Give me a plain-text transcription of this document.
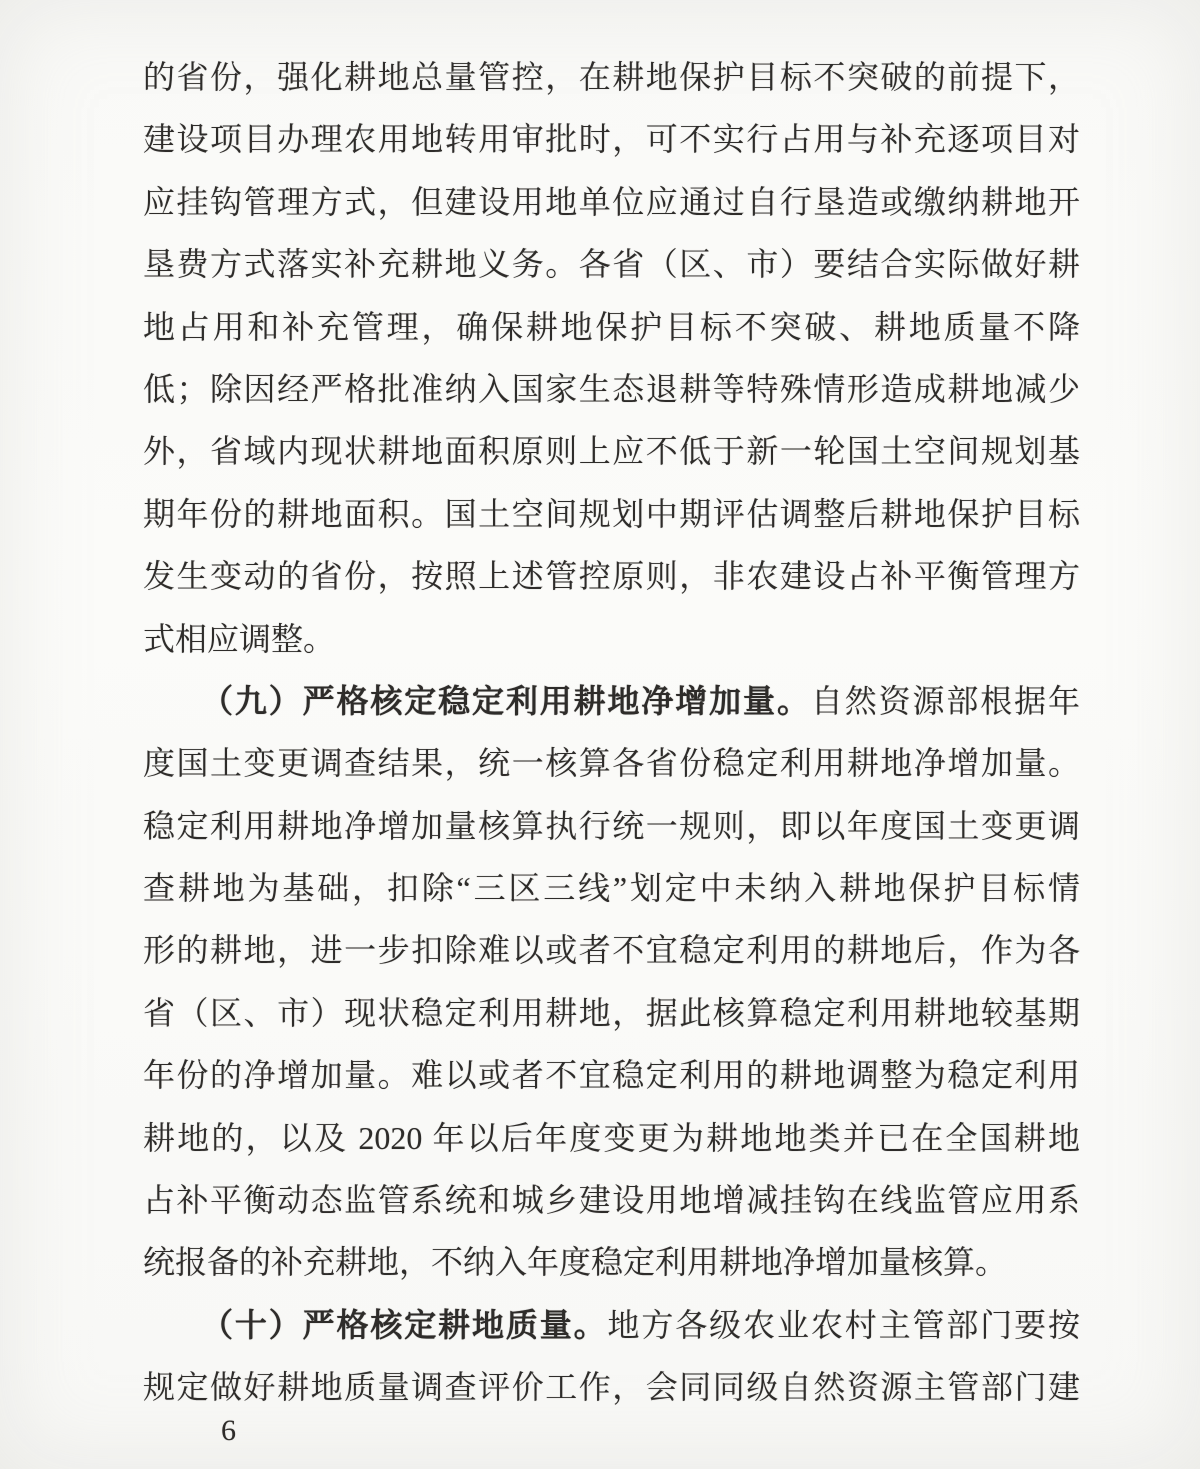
的省份，强化耕地总量管控，在耕地保护目标不突破的前提下，
建设项目办理农用地转用审批时，可不实行占用与补充逐项目对
应挂钩管理方式，但建设用地单位应通过自行垦造或缴纳耕地开
垦费方式落实补充耕地义务。各省（区、市）要结合实际做好耕
地占用和补充管理，确保耕地保护目标不突破、耕地质量不降
低；除因经严格批准纳入国家生态退耕等特殊情形造成耕地减少
外，省域内现状耕地面积原则上应不低于新一轮国土空间规划基
期年份的耕地面积。国土空间规划中期评估调整后耕地保护目标
发生变动的省份，按照上述管控原则，非农建设占补平衡管理方
式相应调整。
（九）严格核定稳定利用耕地净增加量。自然资源部根据年
度国土变更调查结果，统一核算各省份稳定利用耕地净增加量。
稳定利用耕地净增加量核算执行统一规则，即以年度国土变更调
查耕地为基础，扣除“三区三线”划定中未纳入耕地保护目标情
形的耕地，进一步扣除难以或者不宜稳定利用的耕地后，作为各
省（区、市）现状稳定利用耕地，据此核算稳定利用耕地较基期
年份的净增加量。难以或者不宜稳定利用的耕地调整为稳定利用
耕地的，以及 2020 年以后年度变更为耕地地类并已在全国耕地
占补平衡动态监管系统和城乡建设用地增减挂钩在线监管应用系
统报备的补充耕地，不纳入年度稳定利用耕地净增加量核算。
（十）严格核定耕地质量。地方各级农业农村主管部门要按
规定做好耕地质量调查评价工作，会同同级自然资源主管部门建
6
